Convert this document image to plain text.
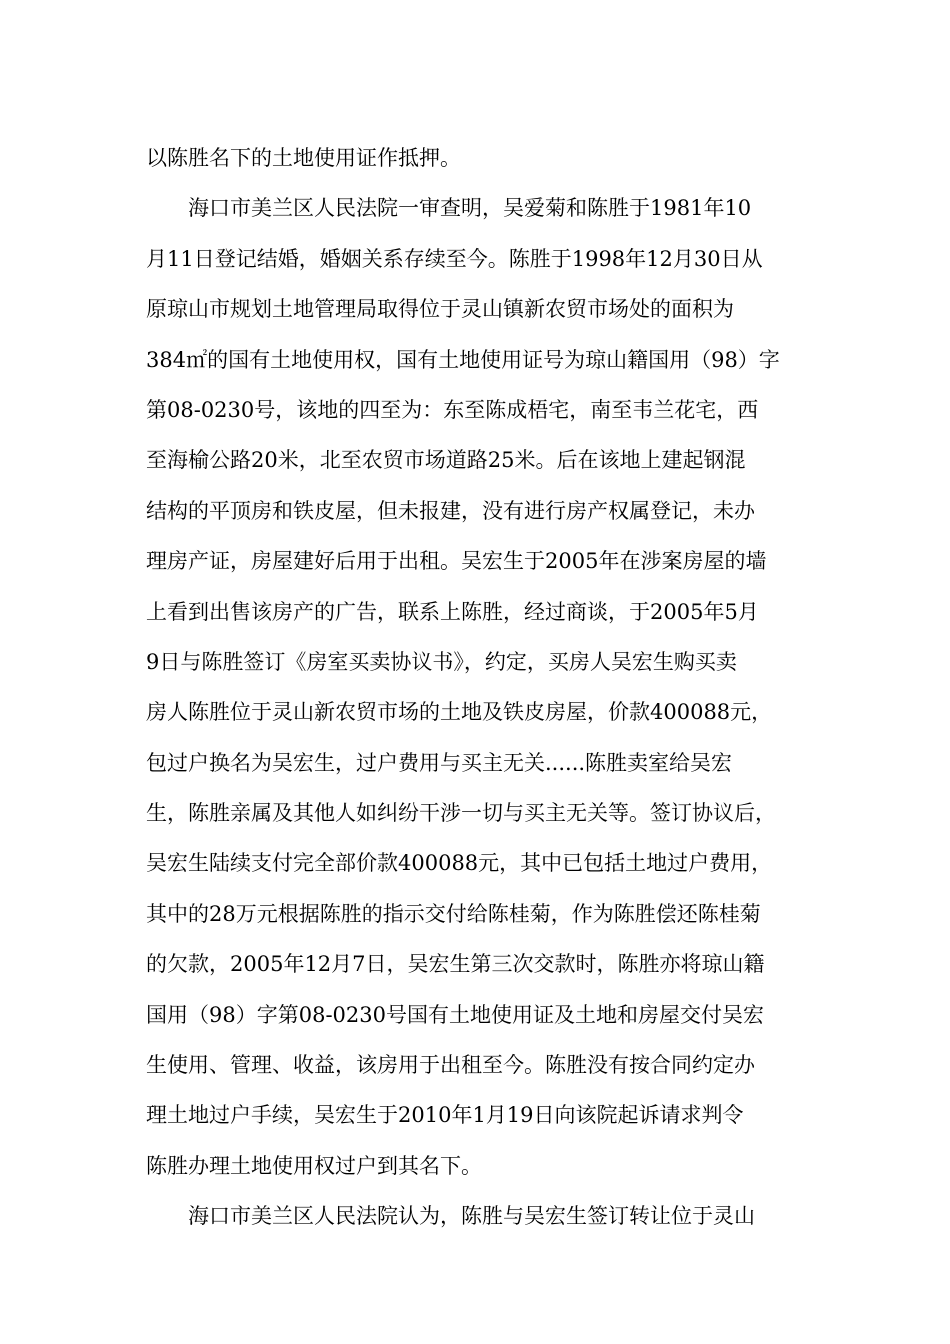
以陈胜名下的土地使用证作抵押。
海口市美兰区人民法院一审查明，吴爱菊和陈胜于1981年10
月11日登记结婚，婚姻关系存续至今。陈胜于1998年12月30日从
原琼山市规划土地管理局取得位于灵山镇新农贸市场处的面积为
384㎡的国有土地使用权，国有土地使用证号为琼山籍国用（98）字
第08-0230号，该地的四至为：东至陈成梧宅，南至韦兰花宅，西
至海榆公路20米，北至农贸市场道路25米。后在该地上建起钢混
结构的平顶房和铁皮屋，但未报建，没有进行房产权属登记，未办
理房产证，房屋建好后用于出租。吴宏生于2005年在涉案房屋的墙
上看到出售该房产的广告，联系上陈胜，经过商谈，于2005年5月
9日与陈胜签订《房室买卖协议书》，约定，买房人吴宏生购买卖
房人陈胜位于灵山新农贸市场的土地及铁皮房屋，价款400088元，
包过户换名为吴宏生，过户费用与买主无关......陈胜卖室给吴宏
生，陈胜亲属及其他人如纠纷干涉一切与买主无关等。签订协议后，
吴宏生陆续支付完全部价款400088元，其中已包括土地过户费用，
其中的28万元根据陈胜的指示交付给陈桂菊，作为陈胜偿还陈桂菊
的欠款，2005年12月7日，吴宏生第三次交款时，陈胜亦将琼山籍
国用（98）字第08-0230号国有土地使用证及土地和房屋交付吴宏
生使用、管理、收益，该房用于出租至今。陈胜没有按合同约定办
理土地过户手续，吴宏生于2010年1月19日向该院起诉请求判令
陈胜办理土地使用权过户到其名下。
海口市美兰区人民法院认为，陈胜与吴宏生签订转让位于灵山
